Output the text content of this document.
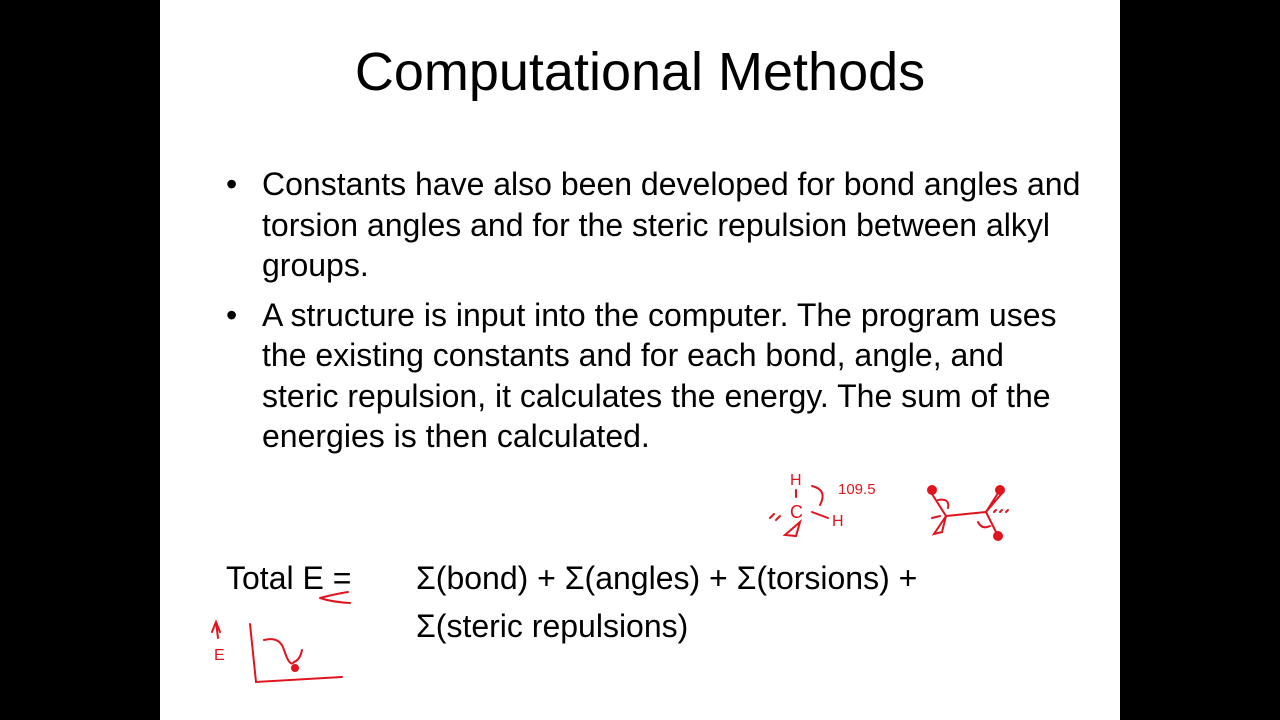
Computational Methods
• Constants have also been developed for bond angles and torsion angles and for the steric repulsion between alkyl groups.
• A structure is input into the computer. The program uses the existing constants and for each bond, angle, and steric repulsion, it calculates the energy. The sum of the energies is then calculated.
Total E = Σ(bond) + Σ(angles) + Σ(torsions) +
Σ(steric repulsions)
H
C
109.5
H
E
